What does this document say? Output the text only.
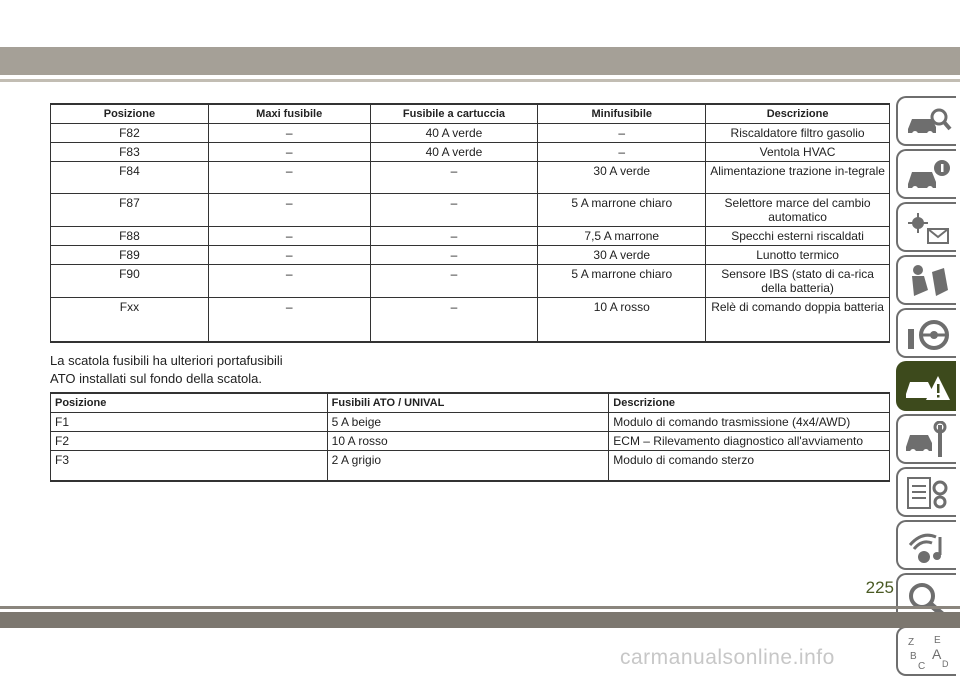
Posizione	Maxi fusibile	Fusibile a cartuccia	Minifusibile	Descrizione
F82	–	40 A verde	–	Riscaldatore filtro gasolio
F83	–	40 A verde	–	Ventola HVAC
F84	–	–	30 A verde	Alimentazione trazione in-tegrale
F87	–	–	5 A marrone chiaro	Selettore marce del cambio automatico
F88	–	–	7,5 A marrone	Specchi esterni riscaldati
F89	–	–	30 A verde	Lunotto termico
F90	–	–	5 A marrone chiaro	Sensore IBS (stato di ca-rica della batteria)
Fxx	–	–	10 A rosso	Relè di comando doppia batteria
La scatola fusibili ha ulteriori portafusibili
ATO installati sul fondo della scatola.
Posizione	Fusibili ATO / UNIVAL	Descrizione
F1	5 A beige	Modulo di comando trasmissione (4x4/AWD)
F2	10 A rosso	ECM – Rilevamento diagnostico all'avviamento
F3	2 A grigio	Modulo di comando sterzo
Z E
B A
C D
225
carmanualsonline.info
